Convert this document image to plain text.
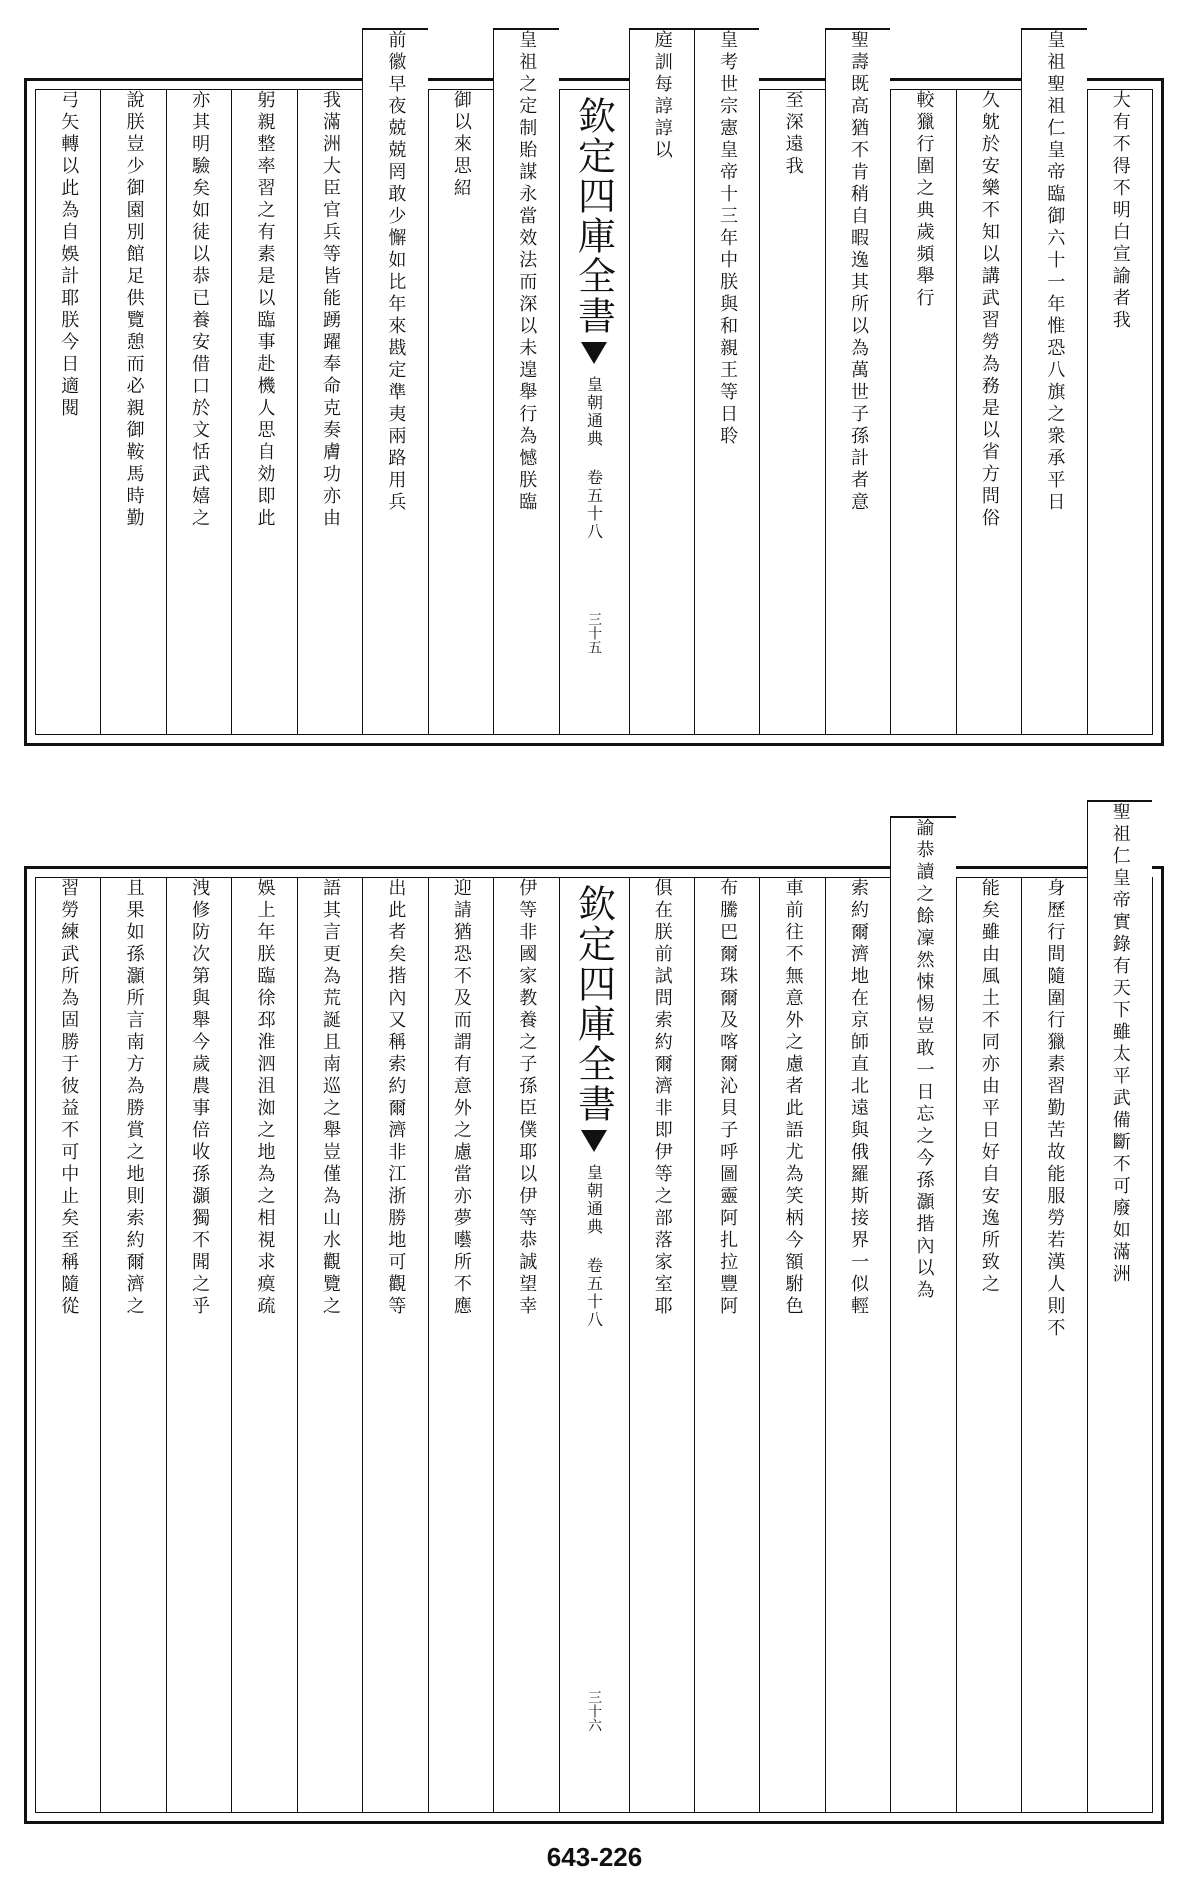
大有不得不明白宣諭者我
皇祖聖祖仁皇帝臨御六十一年惟恐八旗之衆承平日
久躭於安樂不知以講武習勞為務是以省方問俗
較獵行圍之典歲頻舉行
聖壽既高猶不肯稍自暇逸其所以為萬世子孫計者意
至深遠我
皇考世宗憲皇帝十三年中朕與和親王等日聆
庭訓每諄諄以
欽定四庫全書
皇朝通典 卷五十八
三十五
皇祖之定制貽謀永當效法而深以未遑舉行為憾朕臨
御以來思紹
前徽早夜兢兢罔敢少懈如比年來戡定準夷兩路用兵
我滿洲大臣官兵等皆能踴躍奉命克奏膚功亦由
躬親整率習之有素是以臨事赴機人思自効即此
亦其明驗矣如徒以恭已養安借口於文恬武嬉之
說朕豈少御園別館足供覽憩而必親御鞍馬時勤
弓矢轉以此為自娛計耶朕今日適閱
聖祖仁皇帝實錄有天下雖太平武備斷不可廢如滿洲
身歷行間隨圍行獵素習勤苦故能服勞若漢人則不
能矣雖由風土不同亦由平日好自安逸所致之
諭恭讀之餘凜然悚惕豈敢一日忘之今孫灝揩內以為
索約爾濟地在京師直北遠與俄羅斯接界一似輕
車前往不無意外之慮者此語尤為笑柄今額駙色
布騰巴爾珠爾及喀爾沁貝子呼圖靈阿扎拉豐阿
俱在朕前試問索約爾濟非即伊等之部落家室耶
欽定四庫全書
皇朝通典 卷五十八
三十六
伊等非國家教養之子孫臣僕耶以伊等恭誠望幸
迎請猶恐不及而謂有意外之慮當亦夢囈所不應
出此者矣揩內又稱索約爾濟非江浙勝地可觀等
語其言更為荒誕且南巡之舉豈僅為山水觀覽之
娛上年朕臨徐邳淮泗沮洳之地為之相視求瘼疏
洩修防次第與舉今歲農事倍收孫灝獨不聞之乎
且果如孫灝所言南方為勝賞之地則索約爾濟之
習勞練武所為固勝于彼益不可中止矣至稱隨從
643-226
